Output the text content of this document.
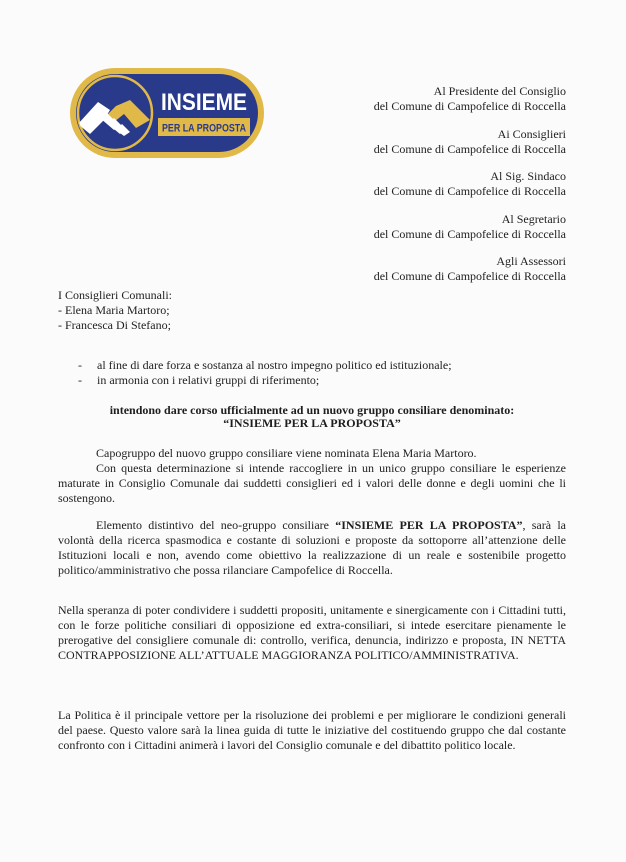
INSIEME
PER LA PROPOSTA
Al Presidente del Consiglio
del Comune di Campofelice di Roccella
Ai Consiglieri
del Comune di Campofelice di Roccella
Al Sig. Sindaco
del Comune di Campofelice di Roccella
Al Segretario
del Comune di Campofelice di Roccella
Agli Assessori
del Comune di Campofelice di Roccella
I Consiglieri Comunali:
- Elena Maria Martoro;
- Francesca Di Stefano;
- al fine di dare forza e sostanza al nostro impegno politico ed istituzionale;
- in armonia con i relativi gruppi di riferimento;
intendono dare corso ufficialmente ad un nuovo gruppo consiliare denominato:
“INSIEME PER LA PROPOSTA”
Capogruppo del nuovo gruppo consiliare viene nominata Elena Maria Martoro.
Con questa determinazione si intende raccogliere in un unico gruppo consiliare le esperienze maturate in Consiglio Comunale dai suddetti consiglieri ed i valori delle donne e degli uomini che li sostengono.

Elemento distintivo del neo-gruppo consiliare “INSIEME PER LA PROPOSTA”, sarà la volontà della ricerca spasmodica e costante di soluzioni e proposte da sottoporre all’attenzione delle Istituzioni locali e non, avendo come obiettivo la realizzazione di un reale e sostenibile progetto politico/amministrativo che possa rilanciare Campofelice di Roccella.

Nella speranza di poter condividere i suddetti propositi, unitamente e sinergicamente con i Cittadini tutti, con le forze politiche consiliari di opposizione ed extra-consiliari, si intede esercitare pienamente le prerogative del consigliere comunale di: controllo, verifica, denuncia, indirizzo e proposta, IN NETTA CONTRAPPOSIZIONE ALL’ATTUALE MAGGIORANZA POLITICO/AMMINISTRATIVA.

La Politica è il principale vettore per la risoluzione dei problemi e per migliorare le condizioni generali del paese. Questo valore sarà la linea guida di tutte le iniziative del costituendo gruppo che dal costante confronto con i Cittadini animerà i lavori del Consiglio comunale e del dibattito politico locale.
